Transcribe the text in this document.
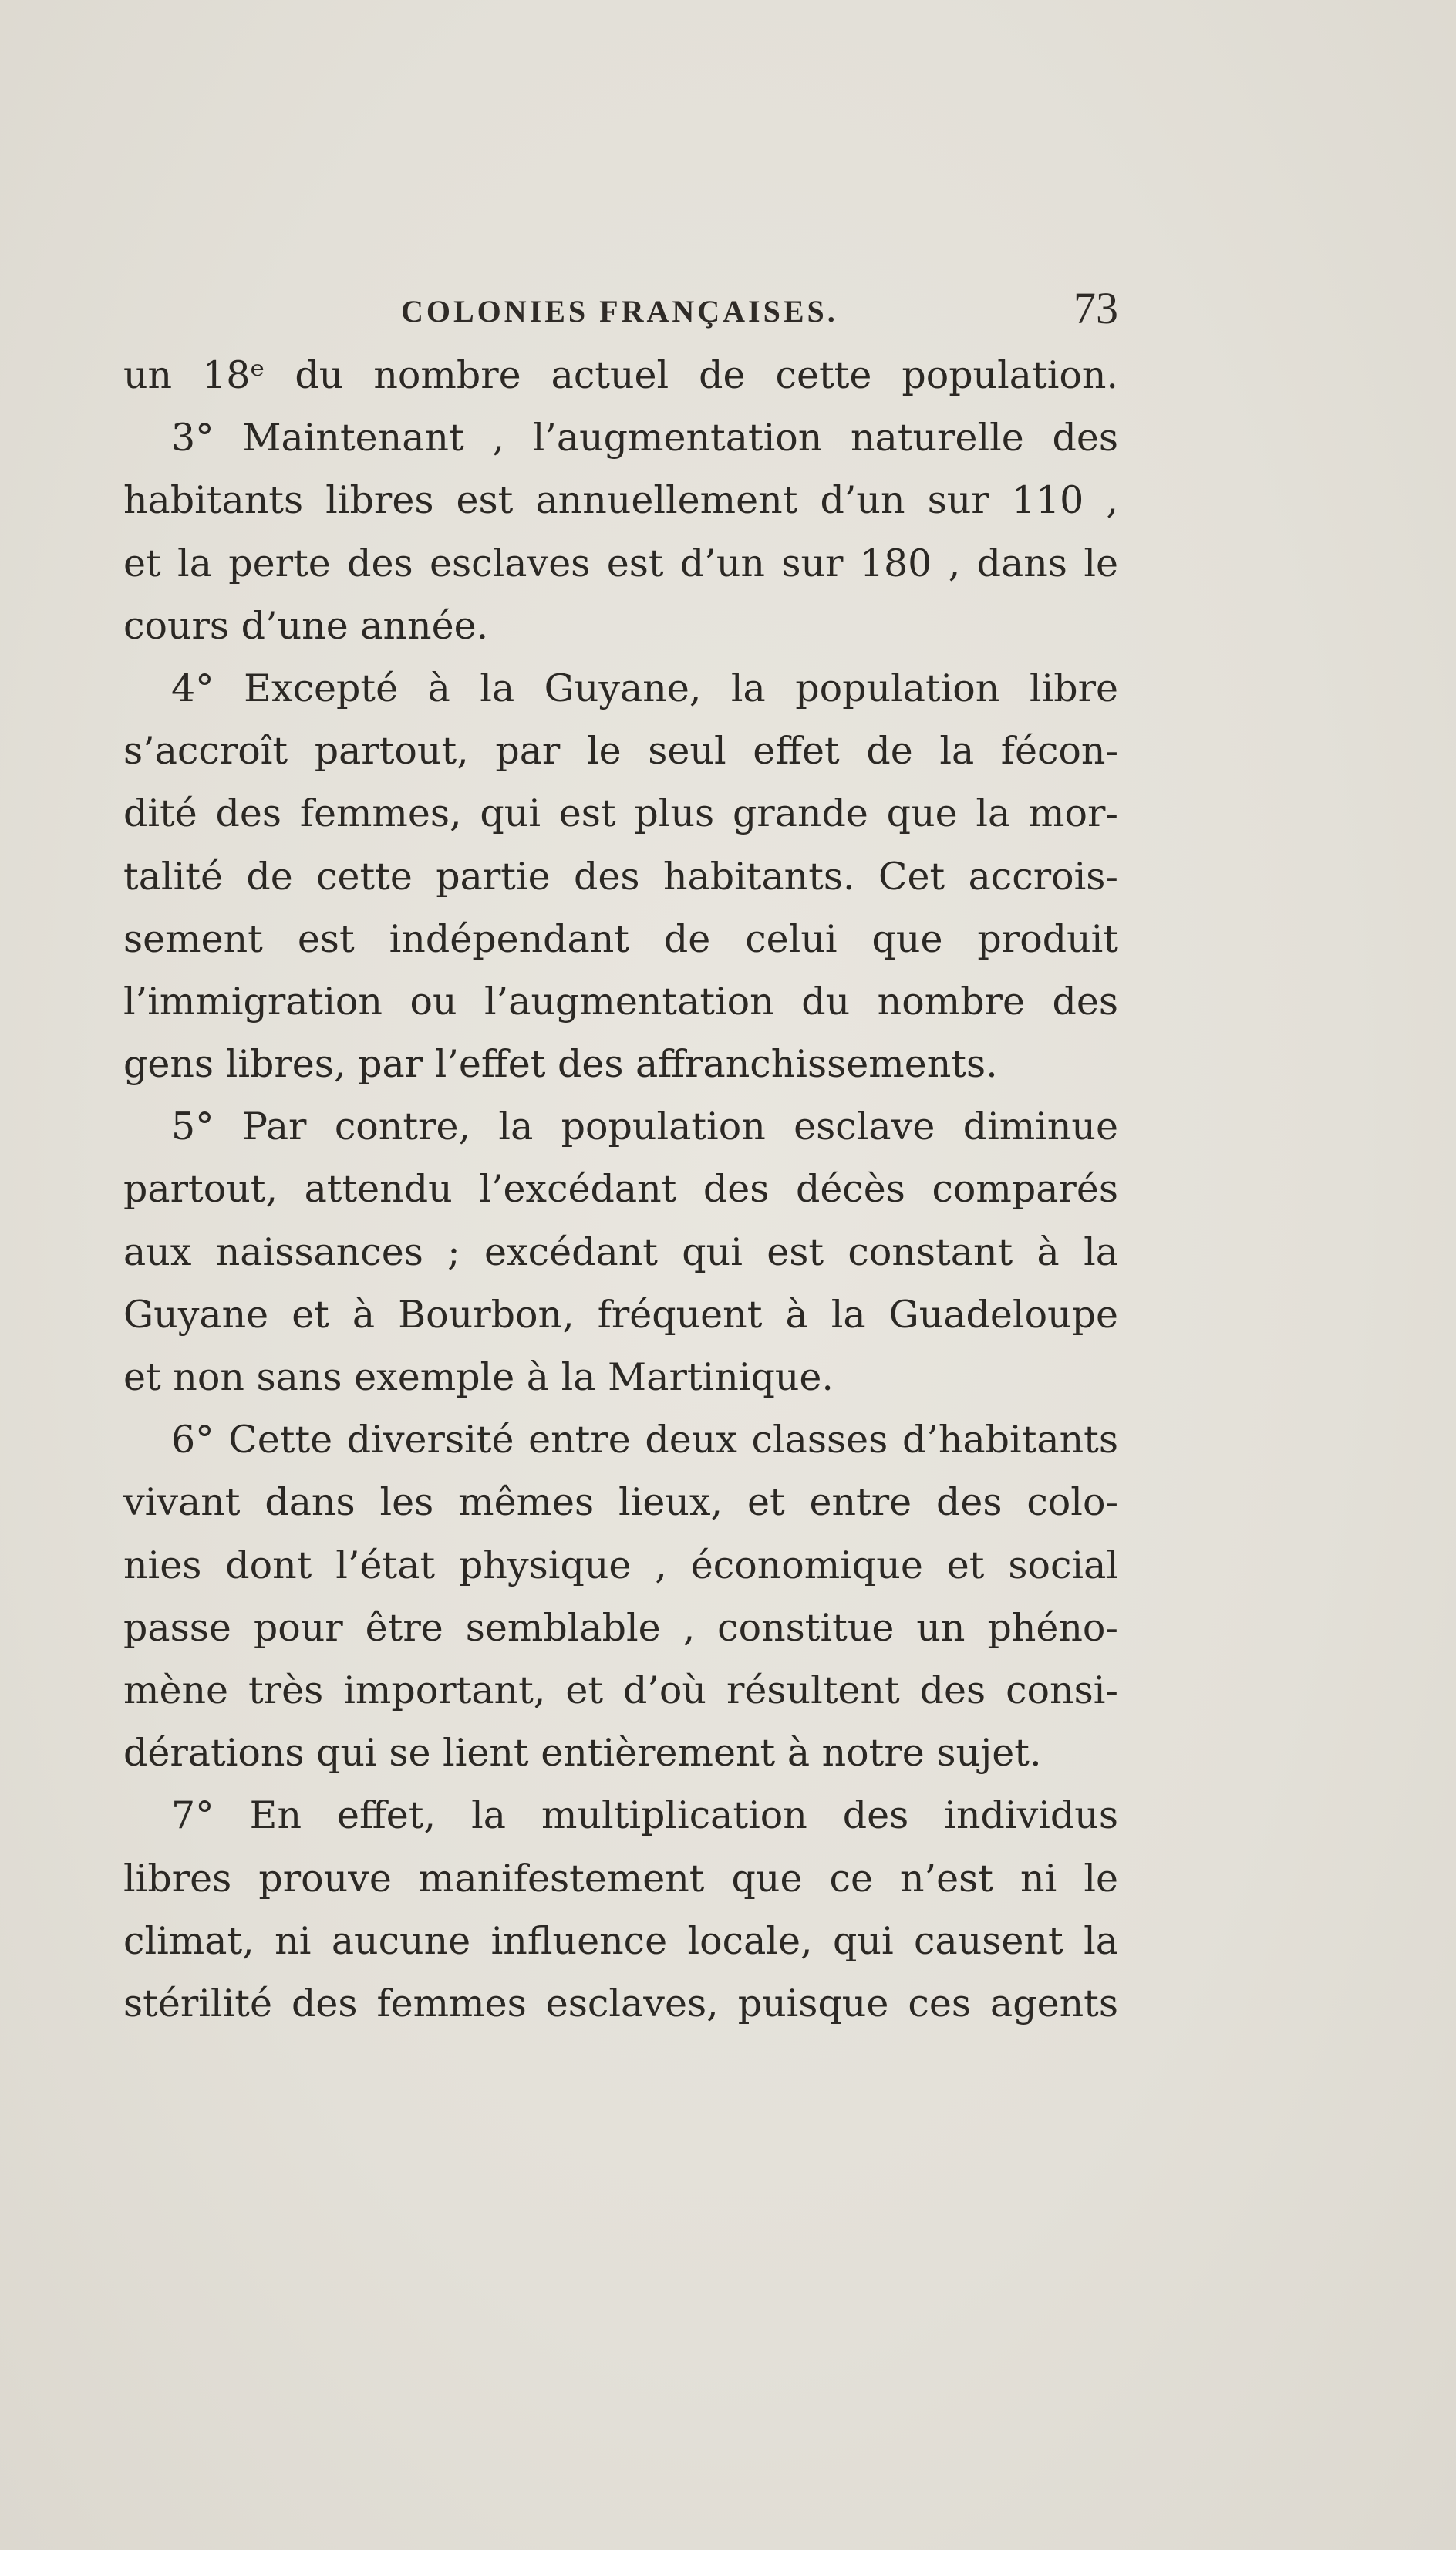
COLONIES FRANÇAISES.	73
un 18ᵉ du nombre actuel de cette population.
3° Maintenant , l’augmentation naturelle des
habitants libres est annuellement d’un sur 110 ,
et la perte des esclaves est d’un sur 180 , dans le
cours d’une année.
4° Excepté à la Guyane, la population libre
s’accroît partout, par le seul effet de la fécon-
dité des femmes, qui est plus grande que la mor-
talité de cette partie des habitants. Cet accrois-
sement est indépendant de celui que produit
l’immigration ou l’augmentation du nombre des
gens libres, par l’effet des affranchissements.
5° Par contre, la population esclave diminue
partout, attendu l’excédant des décès comparés
aux naissances ; excédant qui est constant à la
Guyane et à Bourbon, fréquent à la Guadeloupe
et non sans exemple à la Martinique.
6° Cette diversité entre deux classes d’habitants
vivant dans les mêmes lieux, et entre des colo-
nies dont l’état physique , économique et social
passe pour être semblable , constitue un phéno-
mène très important, et d’où résultent des consi-
dérations qui se lient entièrement à notre sujet.
7° En effet, la multiplication des individus
libres prouve manifestement que ce n’est ni le
climat, ni aucune influence locale, qui causent la
stérilité des femmes esclaves, puisque ces agents
